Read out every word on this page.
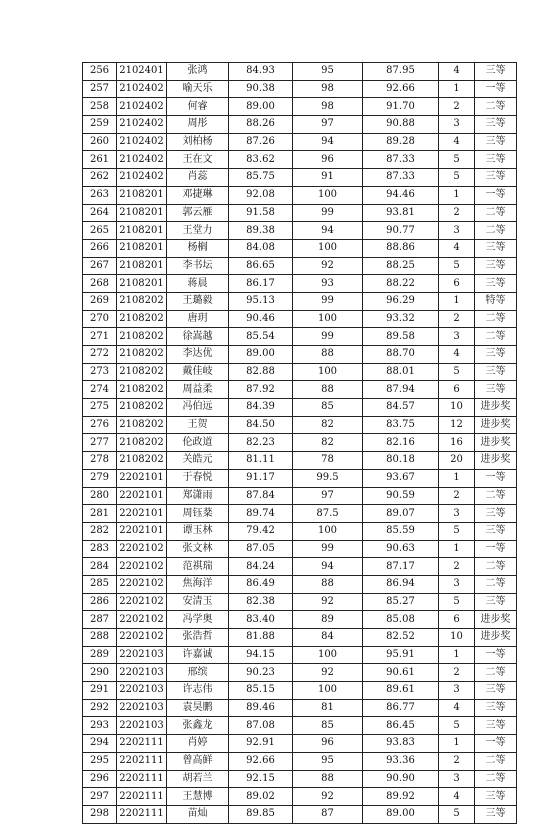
256	2102401	张鸿	84.93	95	87.95	4	三等
257	2102402	喻天乐	90.38	98	92.66	1	一等
258	2102402	何睿	89.00	98	91.70	2	二等
259	2102402	周彤	88.26	97	90.88	3	三等
260	2102402	刘柏杨	87.26	94	89.28	4	三等
261	2102402	王在文	83.62	96	87.33	5	三等
262	2102402	肖蕊	85.75	91	87.33	5	三等
263	2108201	邓捷琳	92.08	100	94.46	1	一等
264	2108201	郭云雁	91.58	99	93.81	2	二等
265	2108201	王堂力	89.38	94	90.77	3	二等
266	2108201	杨榈	84.08	100	88.86	4	三等
267	2108201	李书坛	86.65	92	88.25	5	三等
268	2108201	蒋晨	86.17	93	88.22	6	三等
269	2108202	王璐毅	95.13	99	96.29	1	特等
270	2108202	唐玥	90.46	100	93.32	2	二等
271	2108202	徐嵩越	85.54	99	89.58	3	二等
272	2108202	李达优	89.00	88	88.70	4	三等
273	2108202	戴佳岐	82.88	100	88.01	5	三等
274	2108202	周益柔	87.92	88	87.94	6	三等
275	2108202	冯伯远	84.39	85	84.57	10	进步奖
276	2108202	王贺	84.50	82	83.75	12	进步奖
277	2108202	伦政道	82.23	82	82.16	16	进步奖
278	2108202	关皓元	81.11	78	80.18	20	进步奖
279	2202101	于春悦	91.17	99.5	93.67	1	一等
280	2202101	郑潇雨	87.84	97	90.59	2	二等
281	2202101	周钰棻	89.74	87.5	89.07	3	三等
282	2202101	谭玉林	79.42	100	85.59	5	三等
283	2202102	张文林	87.05	99	90.63	1	一等
284	2202102	范祺瑞	84.24	94	87.17	2	二等
285	2202102	焦海洋	86.49	88	86.94	3	二等
286	2202102	安清玉	82.38	92	85.27	5	三等
287	2202102	冯学奥	83.40	89	85.08	6	进步奖
288	2202102	张浩哲	81.88	84	82.52	10	进步奖
289	2202103	许嘉诚	94.15	100	95.91	1	一等
290	2202103	邢缤	90.23	92	90.61	2	二等
291	2202103	许志伟	85.15	100	89.61	3	三等
292	2202103	袁昊鹏	89.46	81	86.77	4	三等
293	2202103	张鑫龙	87.08	85	86.45	5	三等
294	2202111	肖婷	92.91	96	93.83	1	一等
295	2202111	曾高鲜	92.66	95	93.36	2	二等
296	2202111	胡若兰	92.15	88	90.90	3	二等
297	2202111	王慧博	89.02	92	89.92	4	三等
298	2202111	苗灿	89.85	87	89.00	5	三等
